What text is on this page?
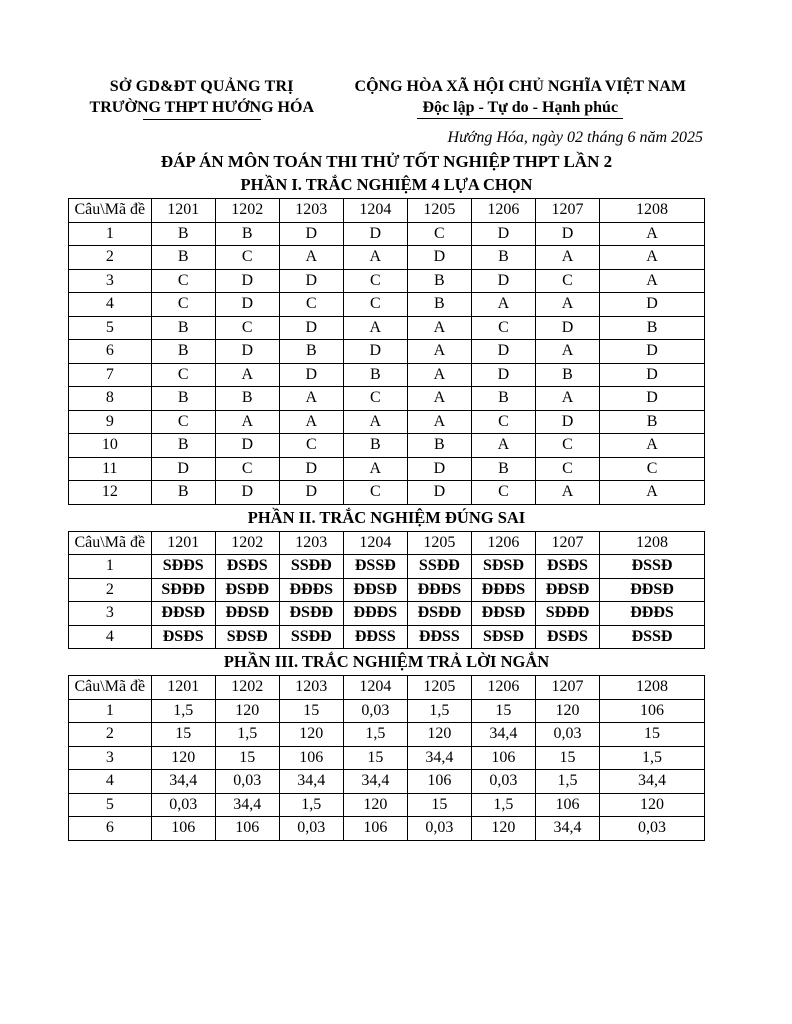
SỞ GD&ĐT QUẢNG TRỊ
TRƯỜNG THPT HƯỚNG HÓA
CỘNG HÒA XÃ HỘI CHỦ NGHĨA VIỆT NAM
Độc lập - Tự do - Hạnh phúc
Hướng Hóa, ngày 02 tháng 6 năm 2025
ĐÁP ÁN MÔN TOÁN THI THỬ TỐT NGHIỆP THPT LẦN 2
PHẦN I. TRẮC NGHIỆM 4 LỰA CHỌN
Câu\Mã đề	1201	1202	1203	1204	1205	1206	1207	1208
1	B	B	D	D	C	D	D	A
2	B	C	A	A	D	B	A	A
3	C	D	D	C	B	D	C	A
4	C	D	C	C	B	A	A	D
5	B	C	D	A	A	C	D	B
6	B	D	B	D	A	D	A	D
7	C	A	D	B	A	D	B	D
8	B	B	A	C	A	B	A	D
9	C	A	A	A	A	C	D	B
10	B	D	C	B	B	A	C	A
11	D	C	D	A	D	B	C	C
12	B	D	D	C	D	C	A	A
PHẦN II. TRẮC NGHIỆM ĐÚNG SAI
Câu\Mã đề	1201	1202	1203	1204	1205	1206	1207	1208
1	SĐĐS	ĐSĐS	SSĐĐ	ĐSSĐ	SSĐĐ	SĐSĐ	ĐSĐS	ĐSSĐ
2	SĐĐĐ	ĐSĐĐ	ĐĐĐS	ĐĐSĐ	ĐĐĐS	ĐĐĐS	ĐĐSĐ	ĐĐSĐ
3	ĐĐSĐ	ĐĐSĐ	ĐSĐĐ	ĐĐĐS	ĐSĐĐ	ĐĐSĐ	SĐĐĐ	ĐĐĐS
4	ĐSĐS	SĐSĐ	SSĐĐ	ĐĐSS	ĐĐSS	SĐSĐ	ĐSĐS	ĐSSĐ
PHẦN III. TRẮC NGHIỆM TRẢ LỜI NGẮN
Câu\Mã đề	1201	1202	1203	1204	1205	1206	1207	1208
1	1,5	120	15	0,03	1,5	15	120	106
2	15	1,5	120	1,5	120	34,4	0,03	15
3	120	15	106	15	34,4	106	15	1,5
4	34,4	0,03	34,4	34,4	106	0,03	1,5	34,4
5	0,03	34,4	1,5	120	15	1,5	106	120
6	106	106	0,03	106	0,03	120	34,4	0,03
